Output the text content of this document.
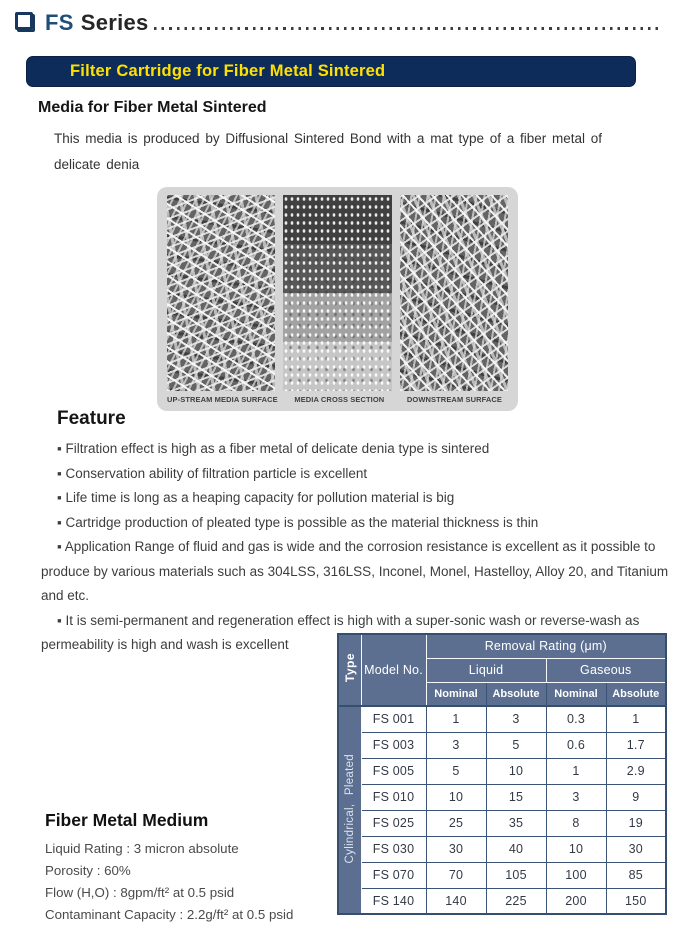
FS Series
Filter Cartridge for Fiber Metal Sintered
Media for Fiber Metal Sintered
This media is produced by Diffusional Sintered Bond with a mat type of a fiber metal of delicate denia
UP-STREAM MEDIA SURFACE	MEDIA CROSS SECTION	DOWNSTREAM SURFACE
Feature
▪ Filtration effect is high as a fiber metal of delicate denia type is sintered
▪ Conservation ability of filtration particle is excellent
▪ Life time is long as a heaping capacity for pollution material is big
▪ Cartridge production of pleated type is possible as the material thickness is thin
▪ Application Range of fluid and gas is wide and the corrosion resistance is excellent as it possible to produce by various materials such as 304LSS, 316LSS, Inconel, Monel, Hastelloy, Alloy 20, and Titanium and etc.
▪ It is semi-permanent and regeneration effect is high with a super-sonic wash or reverse-wash as permeability is high and wash is excellent
Type	Model No.	Removal Rating (μm)			
		Liquid		Gaseous	
		Nominal	Absolute	Nominal	Absolute
Cylindrical, Pleated	FS 001	1	3	0.3	1
	FS 003	3	5	0.6	1.7
	FS 005	5	10	1	2.9
	FS 010	10	15	3	9
	FS 025	25	35	8	19
	FS 030	30	40	10	30
	FS 070	70	105	100	85
	FS 140	140	225	200	150
Fiber Metal Medium
Liquid Rating : 3 micron absolute
Porosity : 60%
Flow (H,O) : 8gpm/ft² at 0.5 psid
Contaminant Capacity : 2.2g/ft² at 0.5 psid
